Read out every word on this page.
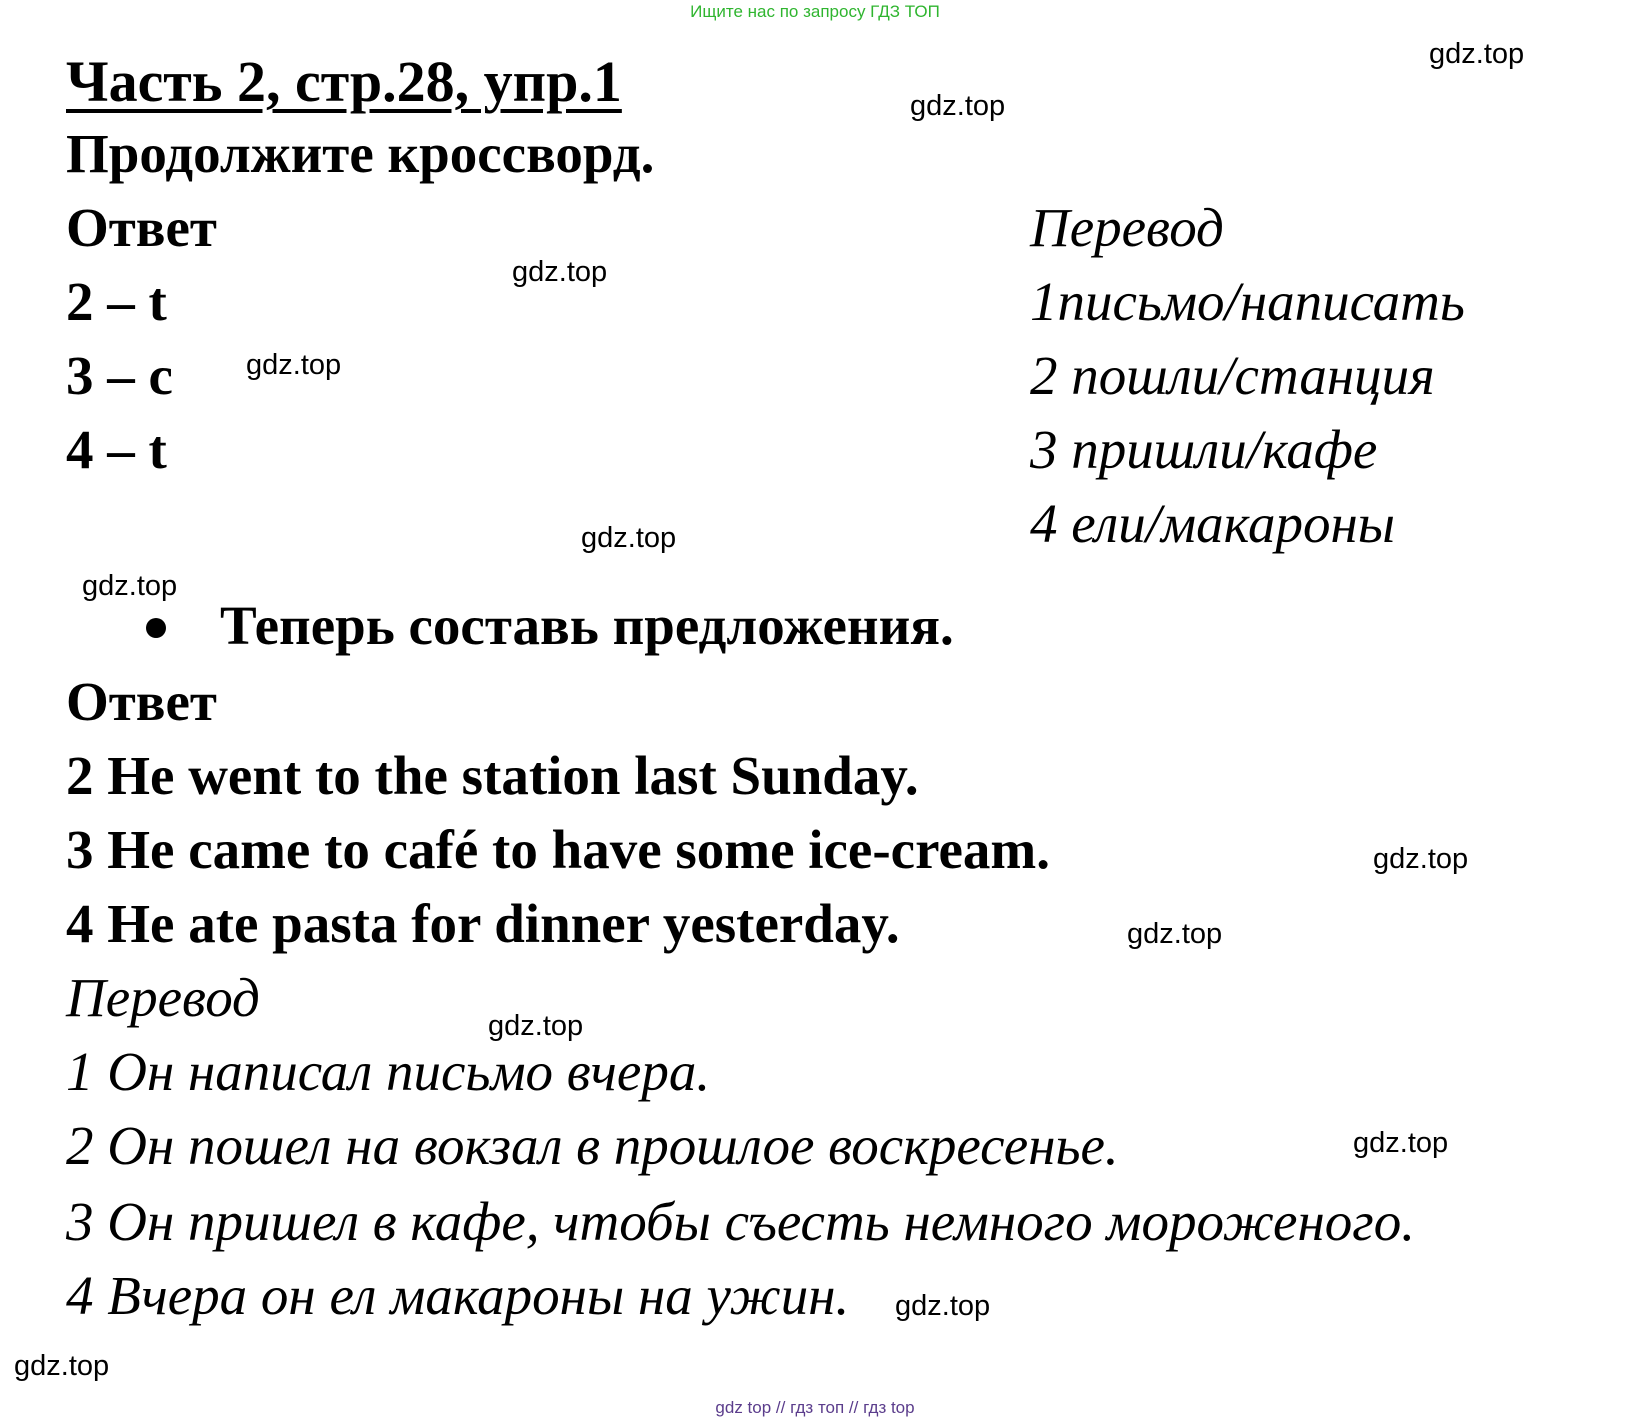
Ищите нас по запросу ГДЗ ТОП
Часть 2, стр.28, упр.1
Продолжите кроссворд.
Ответ
2 – t
3 – c
4 – t
Перевод
1письмо/написать
2 пошли/станция
3 пришли/кафе
4 ели/макароны
Теперь составь предложения.
Ответ
2 He went to the station last Sunday.
3 He came to café to have some ice-cream.
4 He ate pasta for dinner yesterday.
Перевод
1 Он написал письмо вчера.
2 Он пошел на вокзал в прошлое воскресенье.
3 Он пришел в кафе, чтобы съесть немного мороженого.
4 Вчера он ел макароны на ужин.
gdz.top
gdz.top
gdz.top
gdz.top
gdz.top
gdz.top
gdz.top
gdz.top
gdz.top
gdz.top
gdz.top
gdz.top
gdz top // гдз топ // гдз top
